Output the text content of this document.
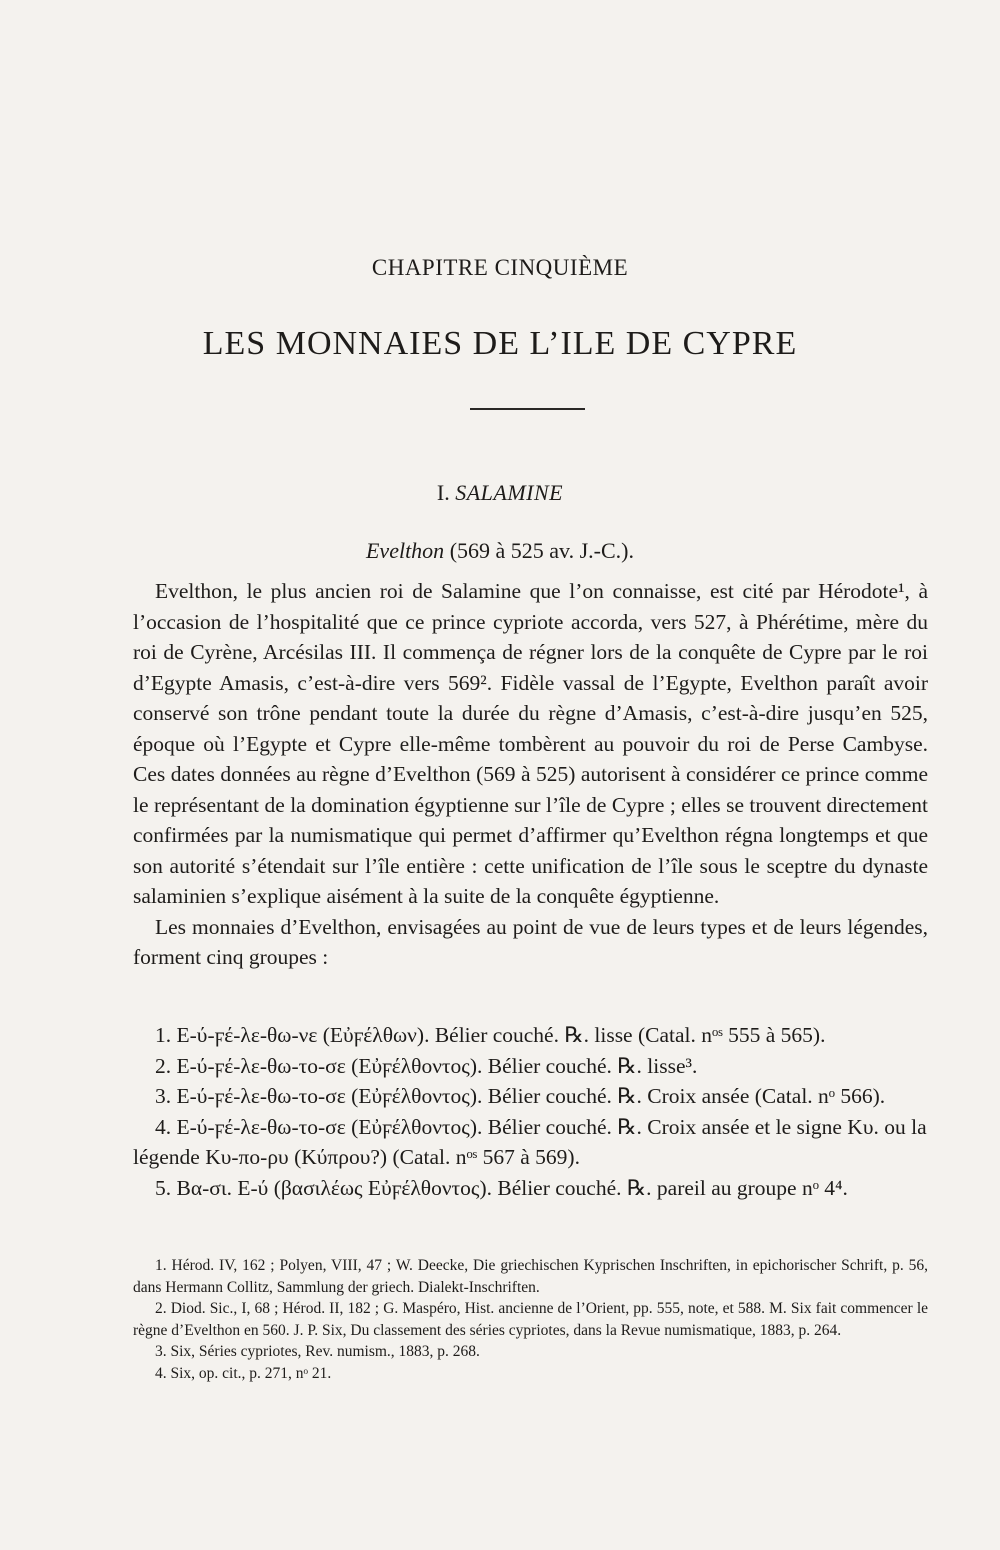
CHAPITRE CINQUIÈME
LES MONNAIES DE L’ILE DE CYPRE
I. SALAMINE
Evelthon (569 à 525 av. J.-C.).

Evelthon, le plus ancien roi de Salamine que l’on connaisse, est cité par Hérodote¹, à l’occasion de l’hospitalité que ce prince cypriote accorda, vers 527, à Phérétime, mère du roi de Cyrène, Arcésilas III. Il commença de régner lors de la conquête de Cypre par le roi d’Egypte Amasis, c’est-à-dire vers 569². Fidèle vassal de l’Egypte, Evelthon paraît avoir conservé son trône pendant toute la durée du règne d’Amasis, c’est-à-dire jusqu’en 525, époque où l’Egypte et Cypre elle-même tombèrent au pouvoir du roi de Perse Cambyse. Ces dates données au règne d’Evelthon (569 à 525) autorisent à considérer ce prince comme le représentant de la domination égyptienne sur l’île de Cypre ; elles se trouvent directement confirmées par la numismatique qui permet d’affirmer qu’Evelthon régna longtemps et que son autorité s’étendait sur l’île entière : cette unification de l’île sous le sceptre du dynaste salaminien s’explique aisément à la suite de la conquête égyptienne.

Les monnaies d’Evelthon, envisagées au point de vue de leurs types et de leurs légendes, forment cinq groupes :

1. E-ύ-ϝέ-λε-θω-νε (Εὐϝέλθων). Bélier couché. ℞. lisse (Catal. nᵒˢ 555 à 565).

2. E-ύ-ϝέ-λε-θω-το-σε (Εὐϝέλθοντος). Bélier couché. ℞. lisse³.

3. E-ύ-ϝέ-λε-θω-το-σε (Εὐϝέλθοντος). Bélier couché. ℞. Croix ansée (Catal. nᵒ 566).

4. E-ύ-ϝέ-λε-θω-το-σε (Εὐϝέλθοντος). Bélier couché. ℞. Croix ansée et le signe Κυ. ou la légende Κυ-πο-ρυ (Κύπρου?) (Catal. nᵒˢ 567 à 569).

5. Βα-σι. E-ύ (βασιλέως Εὐϝέλθοντος). Bélier couché. ℞. pareil au groupe nᵒ 4⁴.

1. Hérod. IV, 162 ; Polyen, VIII, 47 ; W. Deecke, Die griechischen Kyprischen Inschriften, in epichorischer Schrift, p. 56, dans Hermann Collitz, Sammlung der griech. Dialekt-Inschriften.

2. Diod. Sic., I, 68 ; Hérod. II, 182 ; G. Maspéro, Hist. ancienne de l’Orient, pp. 555, note, et 588. M. Six fait commencer le règne d’Evelthon en 560. J. P. Six, Du classement des séries cypriotes, dans la Revue numismatique, 1883, p. 264.

3. Six, Séries cypriotes, Rev. numism., 1883, p. 268.

4. Six, op. cit., p. 271, nᵒ 21.
